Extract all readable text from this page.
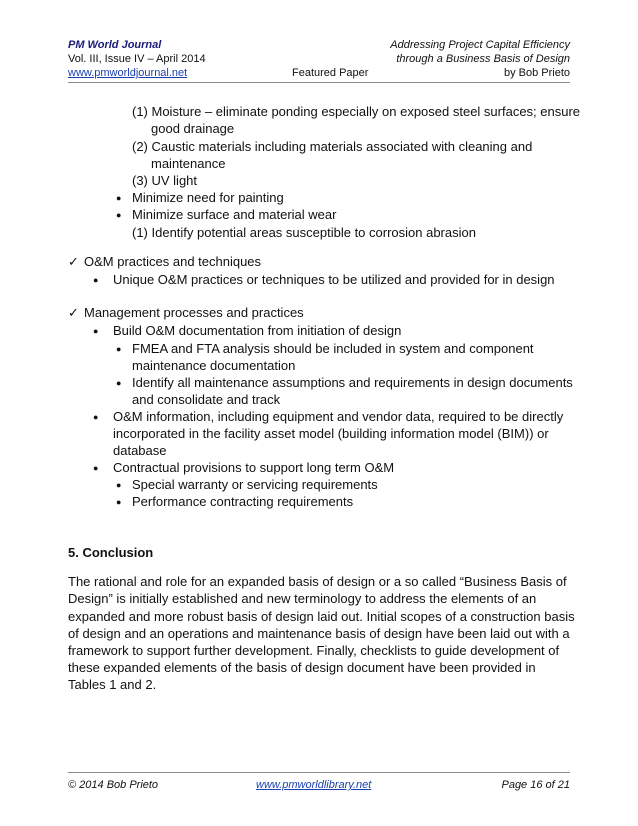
PM World Journal	Addressing Project Capital Efficiency
Vol. III, Issue IV – April 2014	through a Business Basis of Design
www.pmworldjournal.net	Featured Paper	by Bob Prieto
(1) Moisture – eliminate ponding especially on exposed steel surfaces; ensure
good drainage
(2) Caustic materials including materials associated with cleaning and
maintenance
(3) UV light
● Minimize need for painting
● Minimize surface and material wear
(1) Identify potential areas susceptible to corrosion abrasion
✓ O&M practices and techniques
● Unique O&M practices or techniques to be utilized and provided for in design
✓ Management processes and practices
● Build O&M documentation from initiation of design
● FMEA and FTA analysis should be included in system and component
maintenance documentation
● Identify all maintenance assumptions and requirements in design documents
and consolidate and track
● O&M information, including equipment and vendor data, required to be directly
incorporated in the facility asset model (building information model (BIM)) or
database
● Contractual provisions to support long term O&M
● Special warranty or servicing requirements
● Performance contracting requirements
5. Conclusion
The rational and role for an expanded basis of design or a so called “Business Basis of
Design” is initially established and new terminology to address the elements of an
expanded and more robust basis of design laid out. Initial scopes of a construction basis
of design and an operations and maintenance basis of design have been laid out with a
framework to support further development. Finally, checklists to guide development of
these expanded elements of the basis of design document have been provided in
Tables 1 and 2.
© 2014 Bob Prieto	www.pmworldlibrary.net	Page 16 of 21
